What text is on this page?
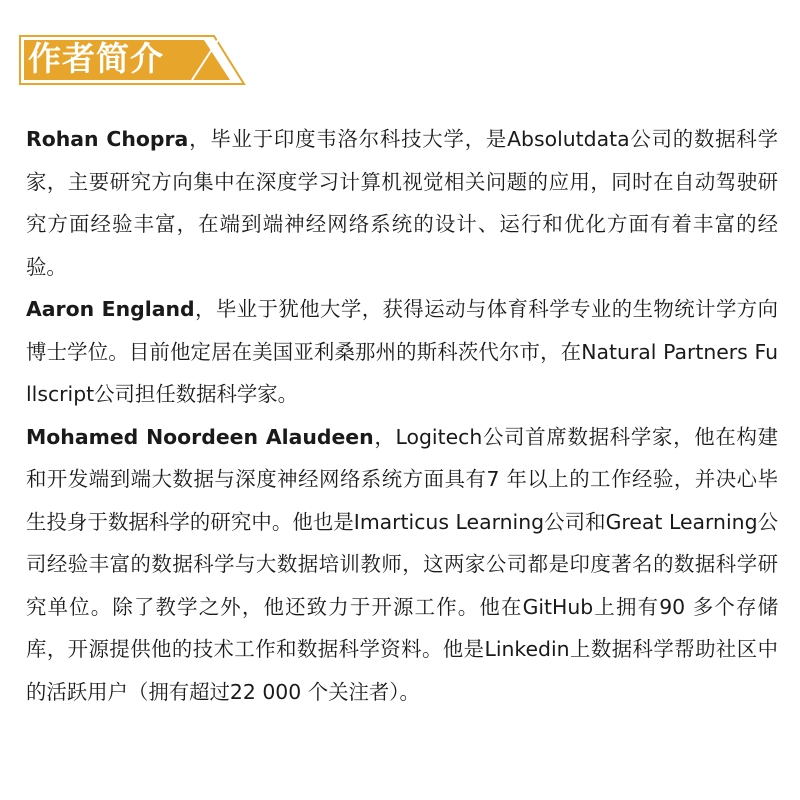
作者简介

Rohan Chopra，毕业于印度韦洛尔科技大学，是Absolutdata公司的数据科学家，主要研究方向集中在深度学习计算机视觉相关问题的应用，同时在自动驾驶研究方面经验丰富，在端到端神经网络系统的设计、运行和优化方面有着丰富的经验。

Aaron England，毕业于犹他大学，获得运动与体育科学专业的生物统计学方向博士学位。目前他定居在美国亚利桑那州的斯科茨代尔市，在Natural Partners Fullscript公司担任数据科学家。

Mohamed Noordeen Alaudeen，Logitech公司首席数据科学家，他在构建和开发端到端大数据与深度神经网络系统方面具有7 年以上的工作经验，并决心毕生投身于数据科学的研究中。他也是Imarticus Learning公司和Great Learning公司经验丰富的数据科学与大数据培训教师，这两家公司都是印度著名的数据科学研究单位。除了教学之外，他还致力于开源工作。他在GitHub上拥有90 多个存储库，开源提供他的技术工作和数据科学资料。他是Linkedin上数据科学帮助社区中的活跃用户（拥有超过22 000 个关注者）。
